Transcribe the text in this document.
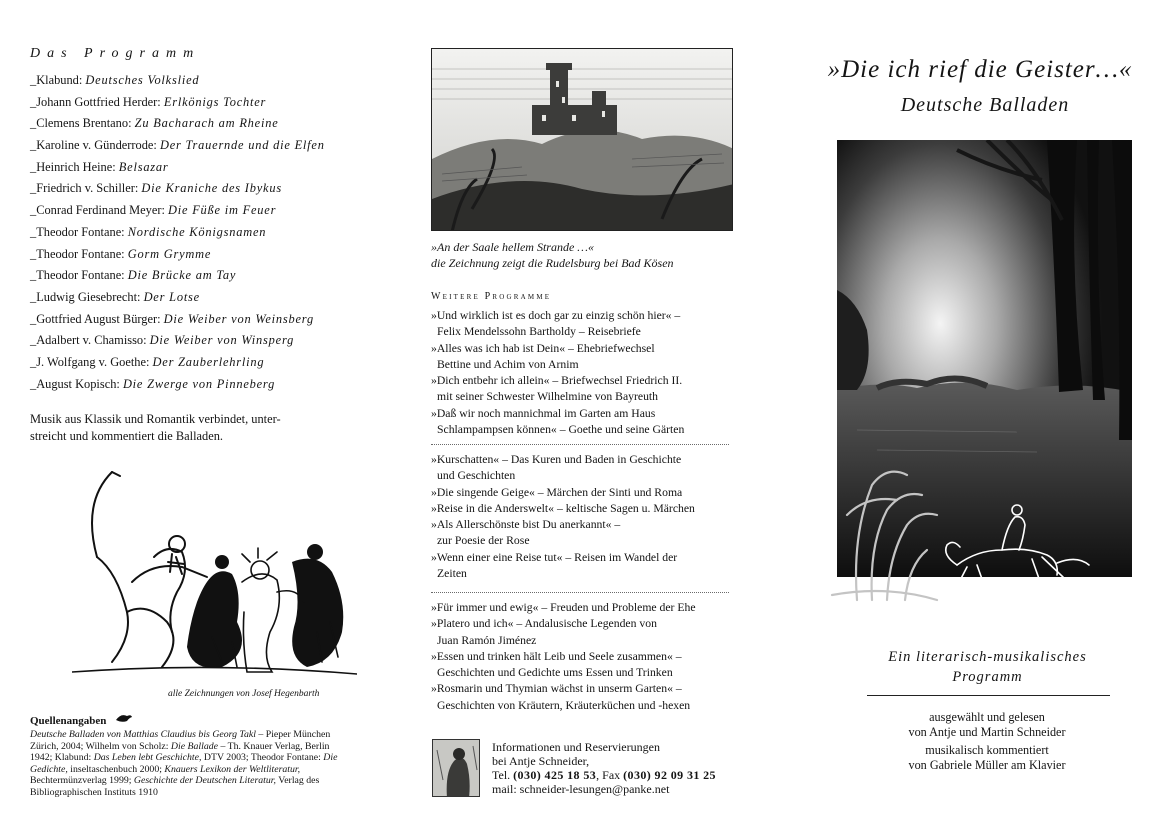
Das Programm
_Klabund: Deutsches Volkslied
_Johann Gottfried Herder: Erlkönigs Tochter
_Clemens Brentano: Zu Bacharach am Rheine
_Karoline v. Günderrode: Der Trauernde und die Elfen
_Heinrich Heine: Belsazar
_Friedrich v. Schiller: Die Kraniche des Ibykus
_Conrad Ferdinand Meyer: Die Füße im Feuer
_Theodor Fontane: Nordische Königsnamen
_Theodor Fontane: Gorm Grymme
_Theodor Fontane: Die Brücke am Tay
_Ludwig Giesebrecht: Der Lotse
_Gottfried August Bürger: Die Weiber von Weinsberg
_Adalbert v. Chamisso: Die Weiber von Winsperg
_J. Wolfgang v. Goethe: Der Zauberlehrling
_August Kopisch: Die Zwerge von Pinneberg
Musik aus Klassik und Romantik verbindet, unter-
streicht und kommentiert die Balladen.
alle Zeichnungen von Josef Hegenbarth
Quellenangaben
Deutsche Balladen von Matthias Claudius bis Georg Takl – Pieper München Zürich, 2004; Wilhelm von Scholz: Die Ballade – Th. Knauer Verlag, Berlin 1942; Klabund: Das Leben lebt Geschichte, DTV 2003; Theodor Fontane: Die Gedichte, inseltaschenbuch 2000; Knauers Lexikon der Weltliteratur, Bechtermünzverlag 1999; Geschichte der Deutschen Literatur, Verlag des Bibliographischen Instituts 1910
»An der Saale hellem Strande …«
die Zeichnung zeigt die Rudelsburg bei Bad Kösen
Weitere Programme
»Und wirklich ist es doch gar zu einzig schön hier« –
Felix Mendelssohn Bartholdy – Reisebriefe
»Alles was ich hab ist Dein« – Ehebriefwechsel
Bettine und Achim von Arnim
»Dich entbehr ich allein« – Briefwechsel Friedrich II.
mit seiner Schwester Wilhelmine von Bayreuth
»Daß wir noch mannichmal im Garten am Haus
Schlampampsen können« – Goethe und seine Gärten
»Kurschatten« – Das Kuren und Baden in Geschichte
und Geschichten
»Die singende Geige« – Märchen der Sinti und Roma
»Reise in die Anderswelt« – keltische Sagen u. Märchen
»Als Allerschönste bist Du anerkannt« –
zur Poesie der Rose
»Wenn einer eine Reise tut« – Reisen im Wandel der
Zeiten
»Für immer und ewig« – Freuden und Probleme der Ehe
»Platero und ich« – Andalusische Legenden von
Juan Ramón Jiménez
»Essen und trinken hält Leib und Seele zusammen« –
Geschichten und Gedichte ums Essen und Trinken
»Rosmarin und Thymian wächst in unserm Garten« –
Geschichten von Kräutern, Kräuterküchen und -hexen
Informationen und Reservierungen
bei Antje Schneider,
Tel. (030) 425 18 53, Fax (030) 92 09 31 25
mail: schneider-lesungen@panke.net
»Die ich rief die Geister…«
Deutsche Balladen
Ein literarisch-musikalisches
Programm
ausgewählt und gelesen
von Antje und Martin Schneider
musikalisch kommentiert
von Gabriele Müller am Klavier
